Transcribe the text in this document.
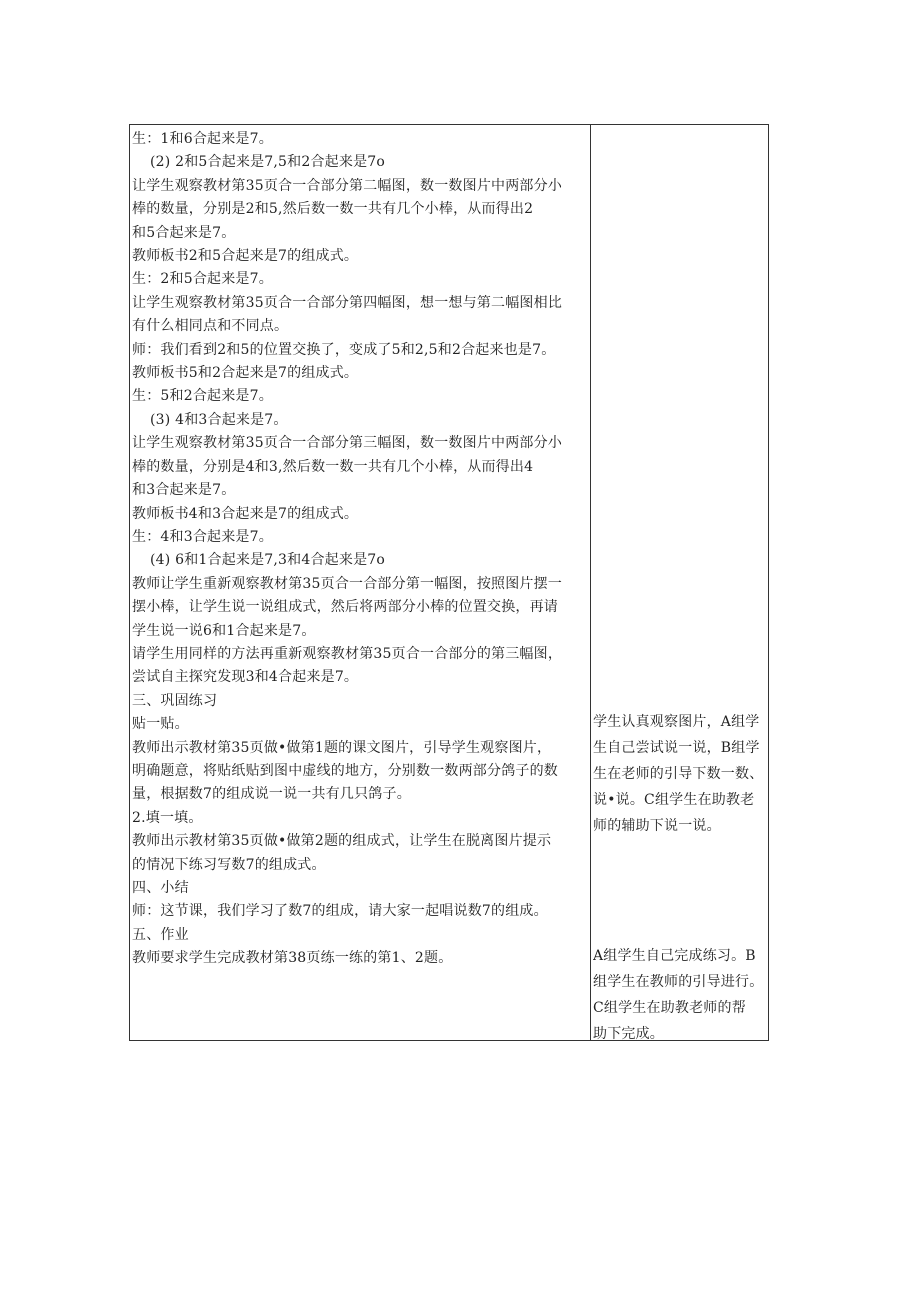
生：1和6合起来是7。
(2) 2和5合起来是7,5和2合起来是7o
让学生观察教材第35页合一合部分第二幅图，数一数图片中两部分小
棒的数量，分别是2和5,然后数一数一共有几个小棒，从而得出2
和5合起来是7。
教师板书2和5合起来是7的组成式。
生：2和5合起来是7。
让学生观察教材第35页合一合部分第四幅图，想一想与第二幅图相比
有什么相同点和不同点。
师：我们看到2和5的位置交换了，变成了5和2,5和2合起来也是7。
教师板书5和2合起来是7的组成式。
生：5和2合起来是7。
(3) 4和3合起来是7。
让学生观察教材第35页合一合部分第三幅图，数一数图片中两部分小
棒的数量，分别是4和3,然后数一数一共有几个小棒，从而得出4
和3合起来是7。
教师板书4和3合起来是7的组成式。
生：4和3合起来是7。
(4) 6和1合起来是7,3和4合起来是7o
教师让学生重新观察教材第35页合一合部分第一幅图，按照图片摆一
摆小棒，让学生说一说组成式，然后将两部分小棒的位置交换，再请
学生说一说6和1合起来是7。
请学生用同样的方法再重新观察教材第35页合一合部分的第三幅图，
尝试自主探究发现3和4合起来是7。
三、巩固练习
贴一贴。
教师出示教材第35页做•做第1题的课文图片，引导学生观察图片，
明确题意，将贴纸贴到图中虚线的地方，分别数一数两部分鸽子的数
量，根据数7的组成说一说一共有几只鸽子。
2.填一填。
教师出示教材第35页做•做第2题的组成式，让学生在脱离图片提示
的情况下练习写数7的组成式。
四、小结
师：这节课，我们学习了数7的组成，请大家一起唱说数7的组成。
五、作业
教师要求学生完成教材第38页练一练的第1、2题。
学生认真观察图片，A组学
生自己尝试说一说，B组学
生在老师的引导下数一数、
说•说。C组学生在助教老
师的辅助下说一说。
A组学生自己完成练习。B
组学生在教师的引导进行。
C组学生在助教老师的帮
助下完成。
